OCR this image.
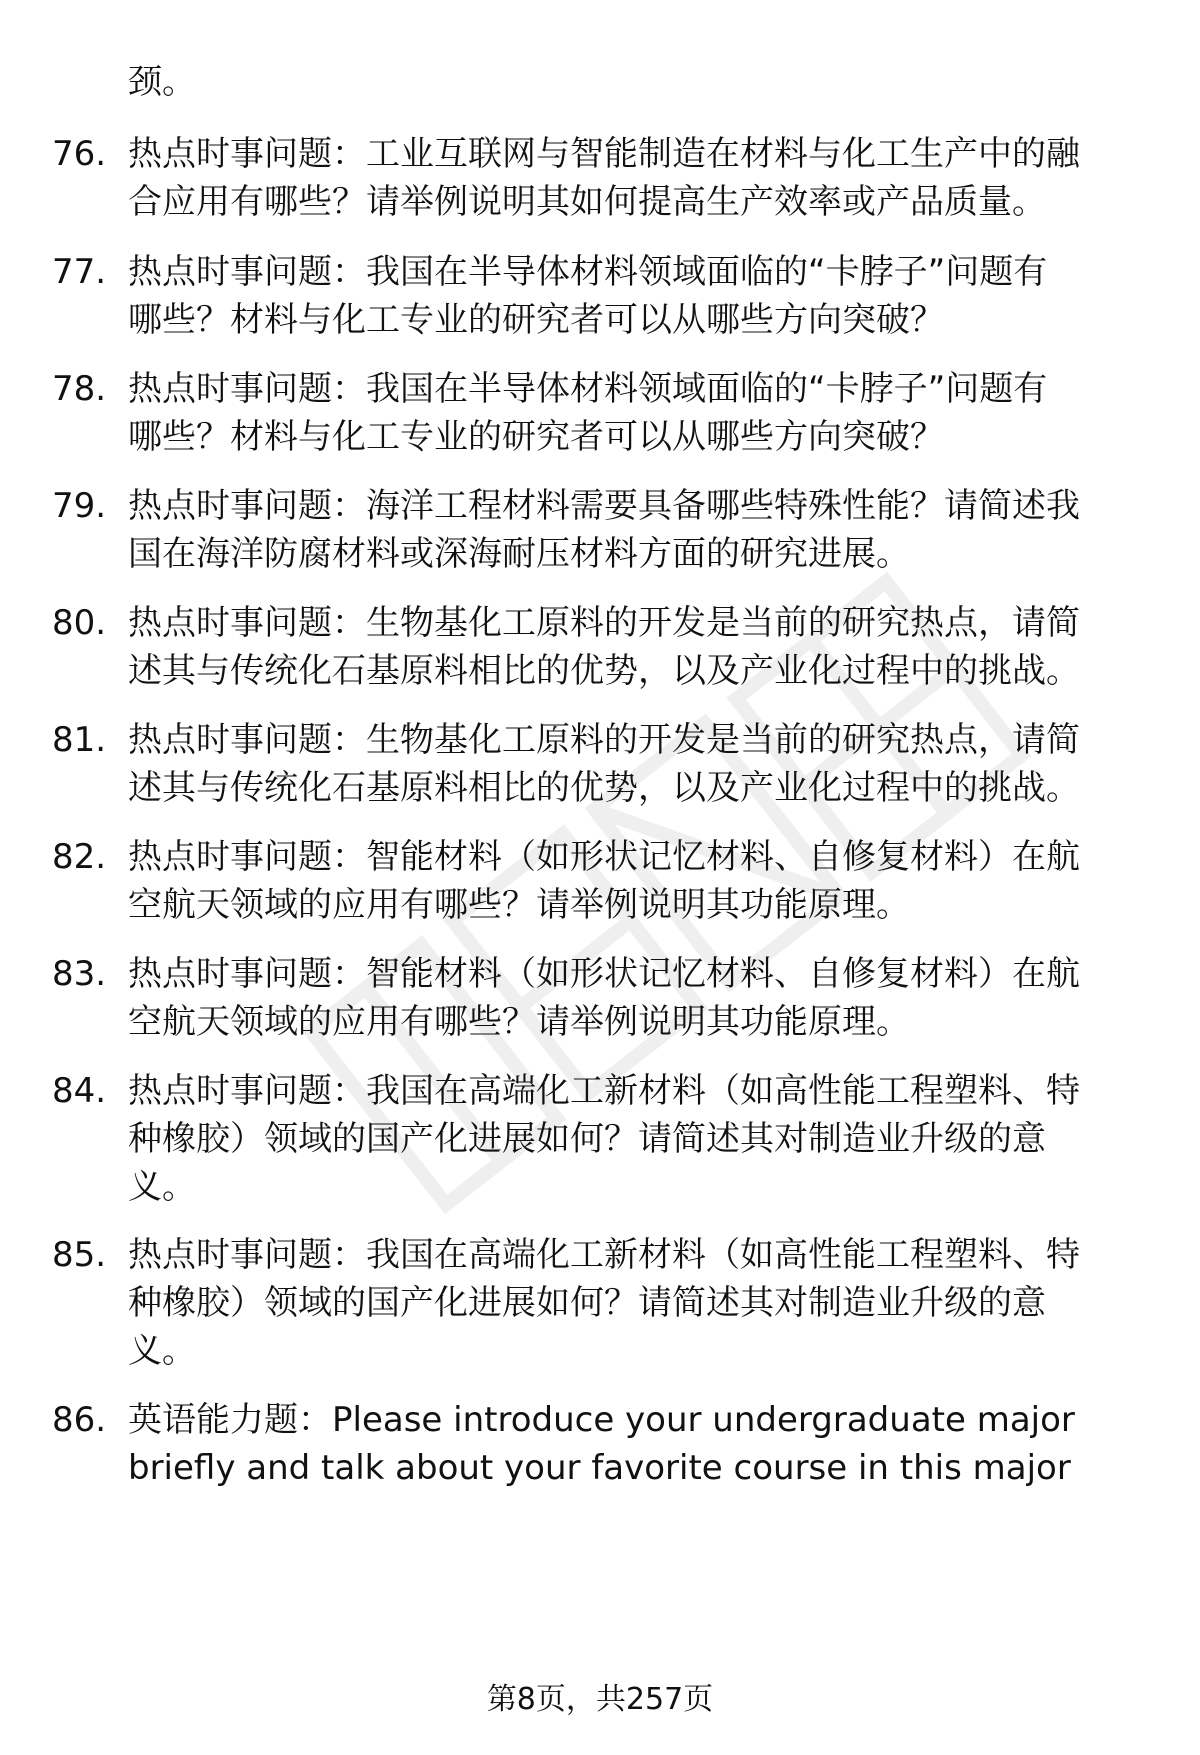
颈。
76. 热点时事问题：工业互联网与智能制造在材料与化工生产中的融
合应用有哪些？请举例说明其如何提高生产效率或产品质量。
77. 热点时事问题：我国在半导体材料领域面临的“卡脖子”问题有
哪些？材料与化工专业的研究者可以从哪些方向突破？
78. 热点时事问题：我国在半导体材料领域面临的“卡脖子”问题有
哪些？材料与化工专业的研究者可以从哪些方向突破？
79. 热点时事问题：海洋工程材料需要具备哪些特殊性能？请简述我
国在海洋防腐材料或深海耐压材料方面的研究进展。
80. 热点时事问题：生物基化工原料的开发是当前的研究热点，请简
述其与传统化石基原料相比的优势，以及产业化过程中的挑战。
81. 热点时事问题：生物基化工原料的开发是当前的研究热点，请简
述其与传统化石基原料相比的优势，以及产业化过程中的挑战。
82. 热点时事问题：智能材料（如形状记忆材料、自修复材料）在航
空航天领域的应用有哪些？请举例说明其功能原理。
83. 热点时事问题：智能材料（如形状记忆材料、自修复材料）在航
空航天领域的应用有哪些？请举例说明其功能原理。
84. 热点时事问题：我国在高端化工新材料（如高性能工程塑料、特
种橡胶）领域的国产化进展如何？请简述其对制造业升级的意
义。
85. 热点时事问题：我国在高端化工新材料（如高性能工程塑料、特
种橡胶）领域的国产化进展如何？请简述其对制造业升级的意
义。
86. 英语能力题：Please introduce your undergraduate major
briefly and talk about your favorite course in this major
第8页，共257页
